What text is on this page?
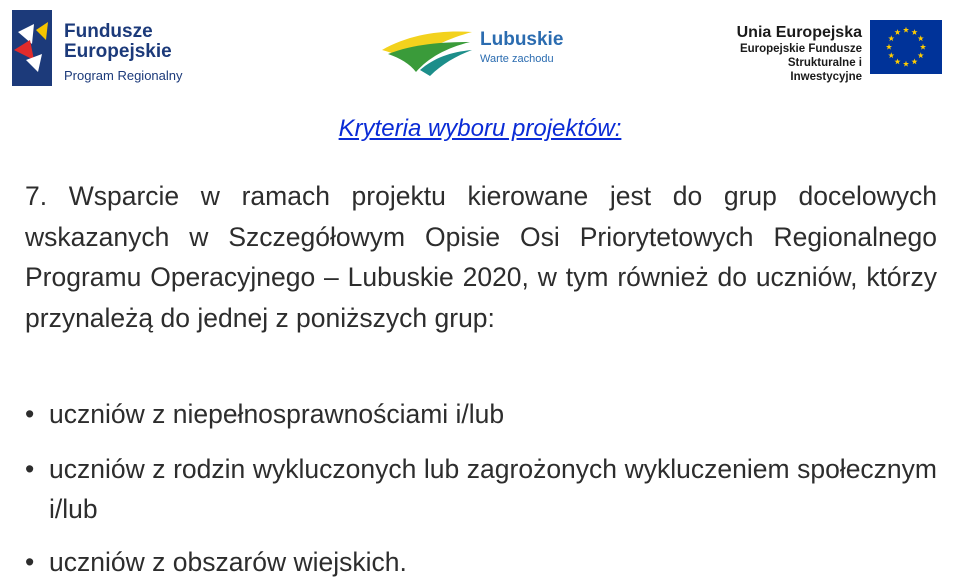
Fundusze
Europejskie
Program Regionalny
Lubuskie
Warte zachodu
Unia Europejska
Europejskie Fundusze
Strukturalne i Inwestycyjne
Kryteria wyboru projektów:
7. Wsparcie w ramach projektu kierowane jest do grup docelowych wskazanych w Szczegółowym Opisie Osi Priorytetowych Regionalnego Programu Operacyjnego – Lubuskie 2020, w tym również do uczniów, którzy przynależą do jednej z poniższych grup:
• uczniów z niepełnosprawnościami i/lub
• uczniów z rodzin wykluczonych lub zagrożonych wykluczeniem społecznym i/lub
• uczniów z obszarów wiejskich.
